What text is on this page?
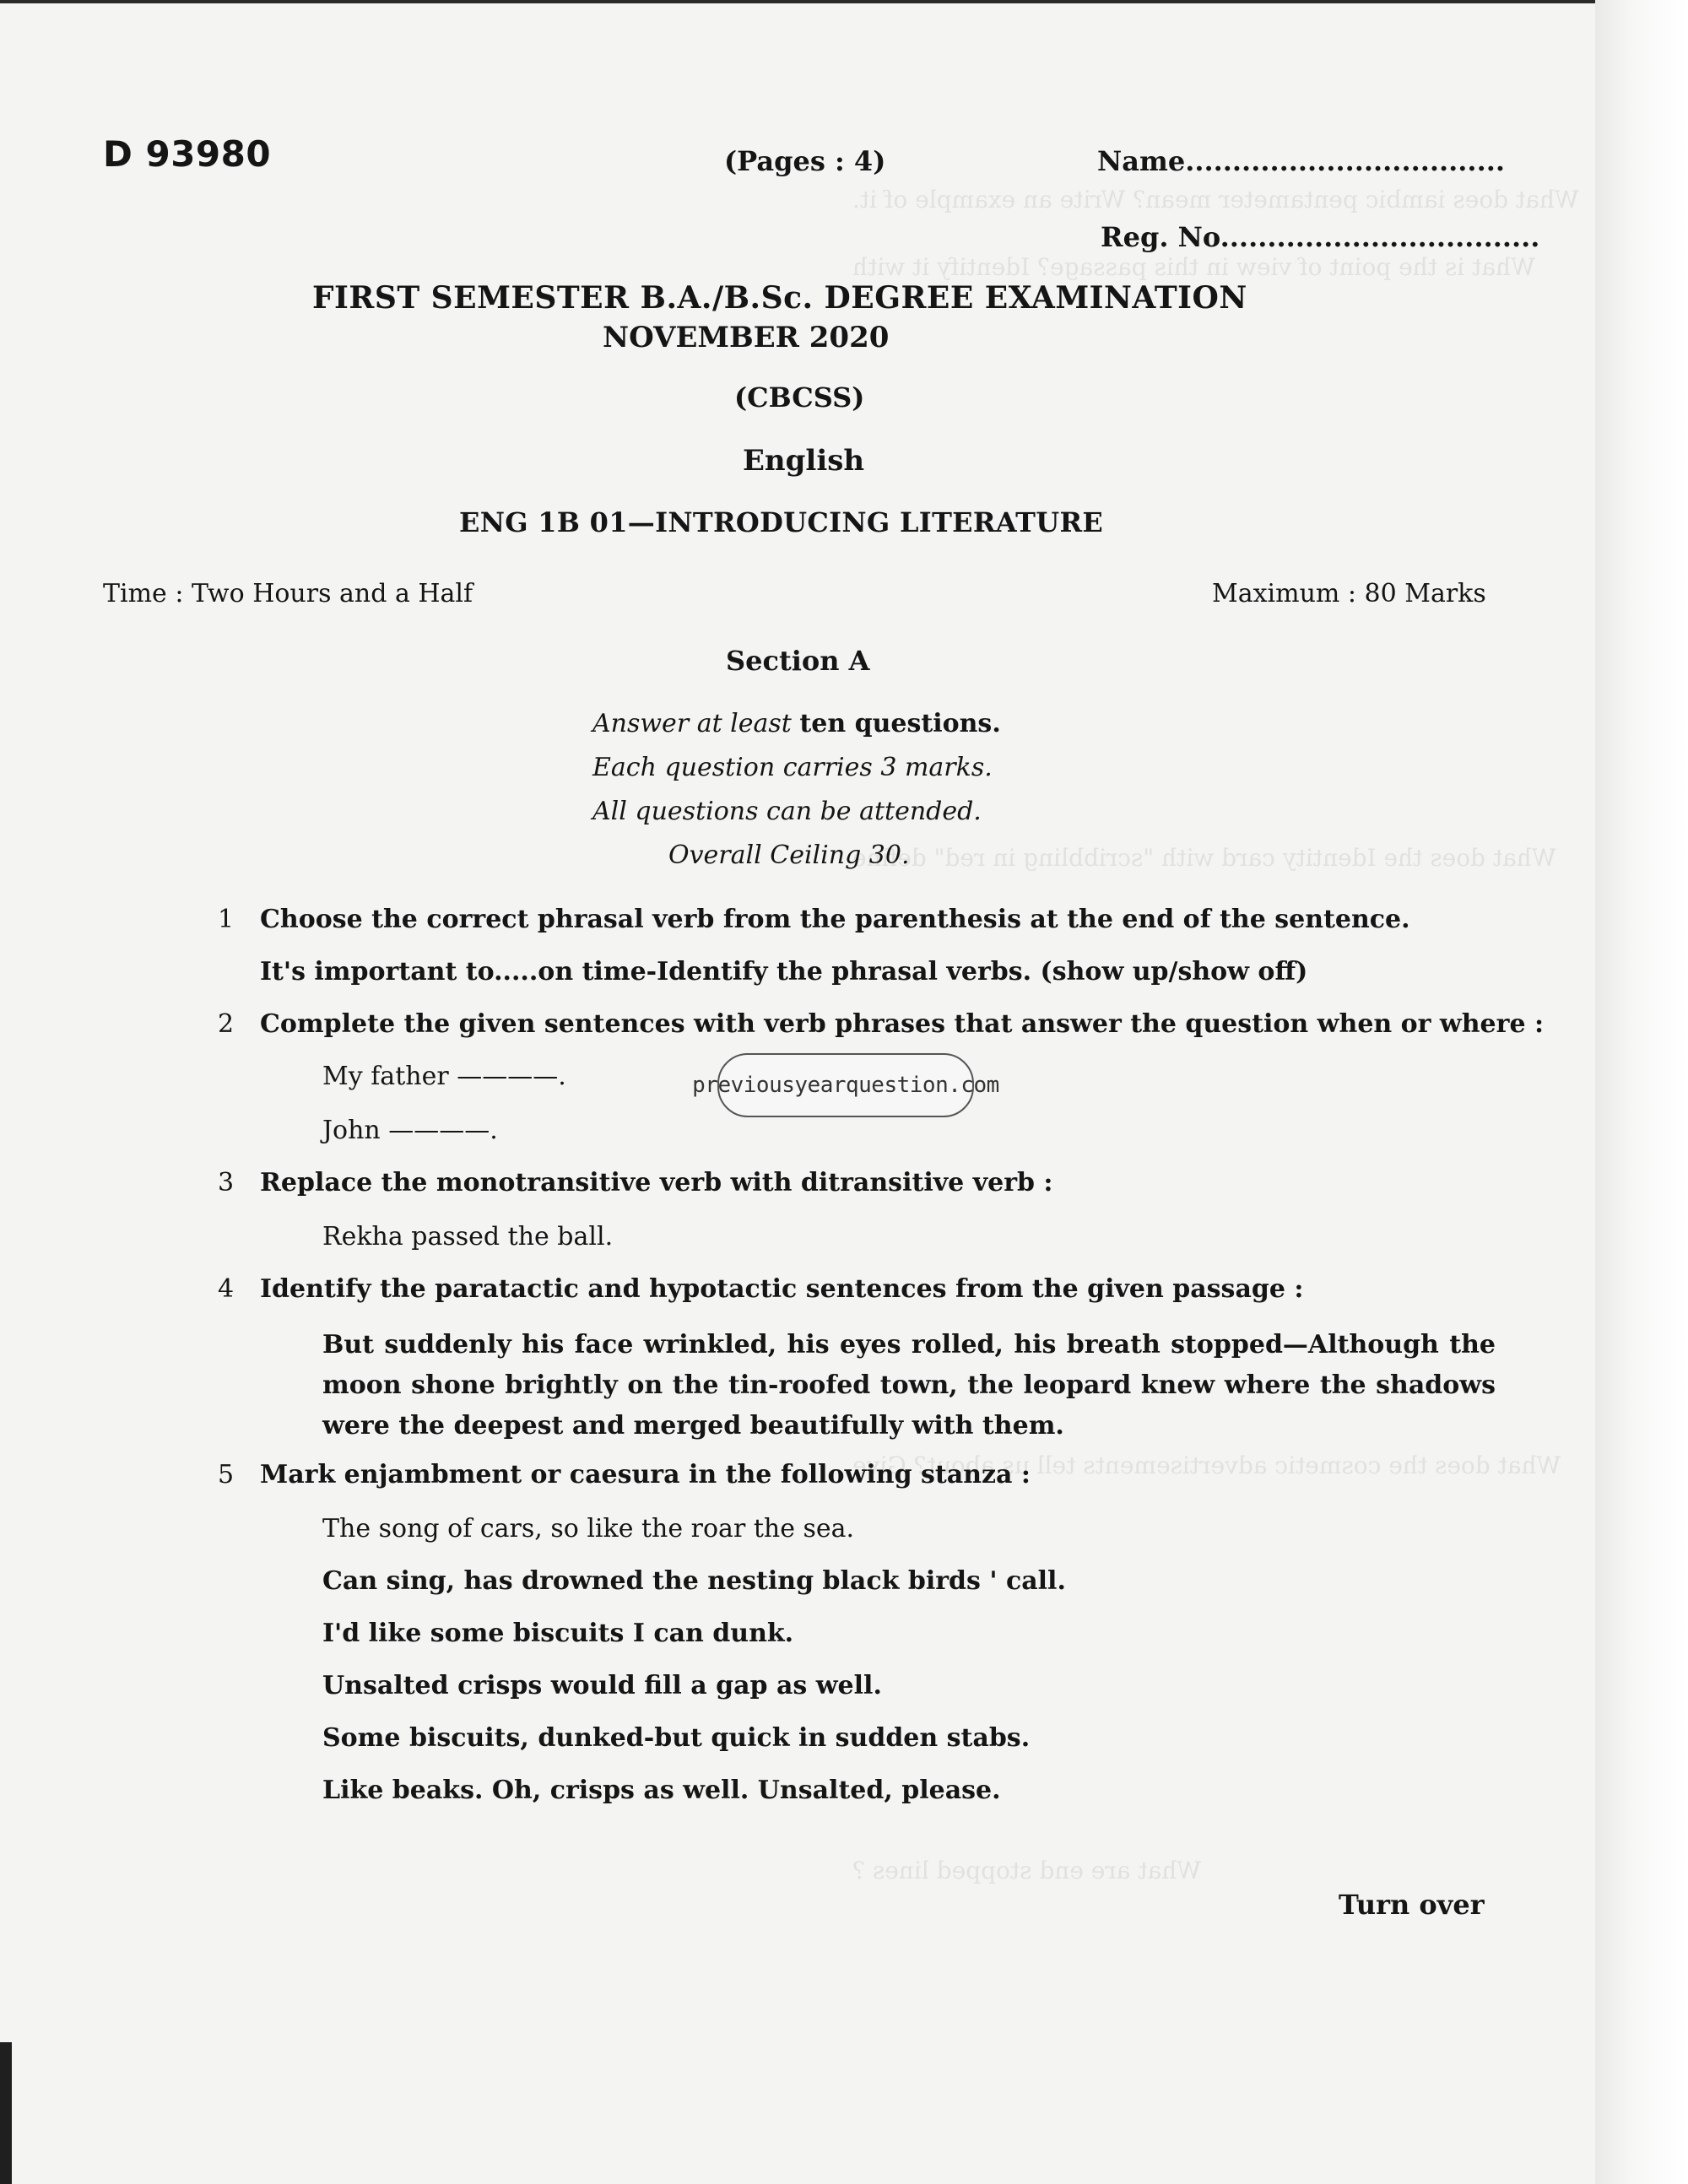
What does iambic pentameter mean? Write an example of it.
What is the point of view in this passage? Identify it with
What does the Identity card with "scribbling in red" define
What does the cosmetic advertisements tell us about? Give
What are end stopped lines ?
D 93980	(Pages : 4)	Name..................................
Reg. No..................................
FIRST SEMESTER B.A./B.Sc. DEGREE EXAMINATION
NOVEMBER 2020
(CBCSS)
English
ENG 1B 01—INTRODUCING LITERATURE
Time : Two Hours and a Half	Maximum : 80 Marks
Section A
Answer at least ten questions.
Each question carries 3 marks.
All questions can be attended.
Overall Ceiling 30.
1 Choose the correct phrasal verb from the parenthesis at the end of the sentence.
It's important to.....on time-Identify the phrasal verbs. (show up/show off)
2 Complete the given sentences with verb phrases that answer the question when or where :
My father ————.
John ————.
previousyearquestion.com
3 Replace the monotransitive verb with ditransitive verb :
Rekha passed the ball.
4 Identify the paratactic and hypotactic sentences from the given passage :
But suddenly his face wrinkled, his eyes rolled, his breath stopped—Although the moon shone brightly on the tin-roofed town, the leopard knew where the shadows were the deepest and merged beautifully with them.
5 Mark enjambment or caesura in the following stanza :
The song of cars, so like the roar the sea.
Can sing, has drowned the nesting black birds ' call.
I'd like some biscuits I can dunk.
Unsalted crisps would fill a gap as well.
Some biscuits, dunked-but quick in sudden stabs.
Like beaks. Oh, crisps as well. Unsalted, please.
Turn over
